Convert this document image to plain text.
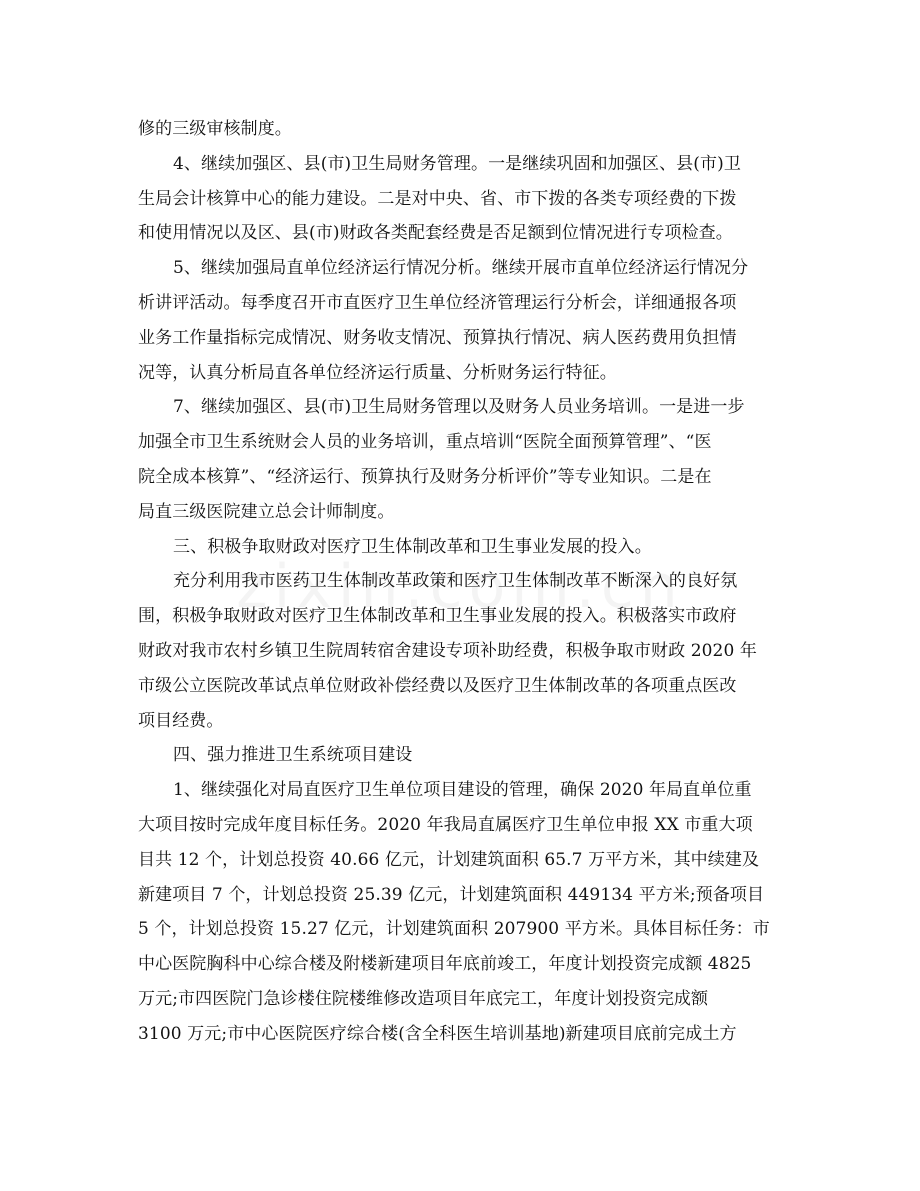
修的三级审核制度。
4、继续加强区、县(市)卫生局财务管理。一是继续巩固和加强区、县(市)卫
生局会计核算中心的能力建设。二是对中央、省、市下拨的各类专项经费的下拨
和使用情况以及区、县(市)财政各类配套经费是否足额到位情况进行专项检查。
5、继续加强局直单位经济运行情况分析。继续开展市直单位经济运行情况分
析讲评活动。每季度召开市直医疗卫生单位经济管理运行分析会，详细通报各项
业务工作量指标完成情况、财务收支情况、预算执行情况、病人医药费用负担情
况等，认真分析局直各单位经济运行质量、分析财务运行特征。
7、继续加强区、县(市)卫生局财务管理以及财务人员业务培训。一是进一步
加强全市卫生系统财会人员的业务培训，重点培训“医院全面预算管理”、“医
院全成本核算”、“经济运行、预算执行及财务分析评价”等专业知识。二是在
局直三级医院建立总会计师制度。
三、积极争取财政对医疗卫生体制改革和卫生事业发展的投入。
充分利用我市医药卫生体制改革政策和医疗卫生体制改革不断深入的良好氛
围，积极争取财政对医疗卫生体制改革和卫生事业发展的投入。积极落实市政府
财政对我市农村乡镇卫生院周转宿舍建设专项补助经费，积极争取市财政 2020 年
市级公立医院改革试点单位财政补偿经费以及医疗卫生体制改革的各项重点医改
项目经费。
四、强力推进卫生系统项目建设
1、继续强化对局直医疗卫生单位项目建设的管理，确保 2020 年局直单位重
大项目按时完成年度目标任务。2020 年我局直属医疗卫生单位申报 XX 市重大项
目共 12 个，计划总投资 40.66 亿元，计划建筑面积 65.7 万平方米，其中续建及
新建项目 7 个，计划总投资 25.39 亿元，计划建筑面积 449134 平方米;预备项目
5 个，计划总投资 15.27 亿元，计划建筑面积 207900 平方米。具体目标任务：市
中心医院胸科中心综合楼及附楼新建项目年底前竣工，年度计划投资完成额 4825
万元;市四医院门急诊楼住院楼维修改造项目年底完工，年度计划投资完成额
3100 万元;市中心医院医疗综合楼(含全科医生培训基地)新建项目底前完成土方
